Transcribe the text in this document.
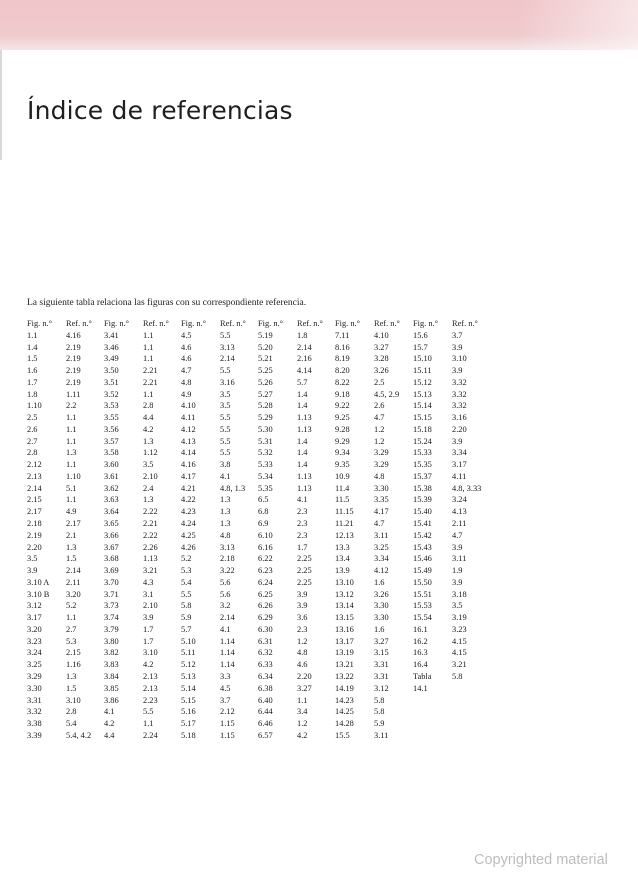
Índice de referencias

La siguiente tabla relaciona las figuras con su correspondiente referencia.

Fig. n.°	Ref. n.°	Fig. n.°	Ref. n.°	Fig. n.°	Ref. n.°	Fig. n.°	Ref. n.°	Fig. n.°	Ref. n.°	Fig. n.°	Ref. n.°
1.1	4.16	3.41	1.1	4.5	5.5	5.19	1.8	7.11	4.10	15.6	3.7
1.4	2.19	3.46	1.1	4.6	3.13	5.20	2.14	8.16	3.27	15.7	3.9
1.5	2.19	3.49	1.1	4.6	2.14	5.21	2.16	8.19	3.28	15.10	3.10
1.6	2.19	3.50	2.21	4.7	5.5	5.25	4.14	8.20	3.26	15.11	3.9
1.7	2.19	3.51	2.21	4.8	3.16	5.26	5.7	8.22	2.5	15.12	3.32
1.8	1.11	3.52	1.1	4.9	3.5	5.27	1.4	9.18	4.5, 2.9	15.13	3.32
1.10	2.2	3.53	2.8	4.10	3.5	5.28	1.4	9.22	2.6	15.14	3.32
2.5	1.1	3.55	4.4	4.11	5.5	5.29	1.13	9.25	4.7	15.15	3.16
2.6	1.1	3.56	4.2	4.12	5.5	5.30	1.13	9.28	1.2	15.18	2.20
2.7	1.1	3.57	1.3	4.13	5.5	5.31	1.4	9.29	1.2	15.24	3.9
2.8	1.3	3.58	1.12	4.14	5.5	5.32	1.4	9.34	3.29	15.33	3.34
2.12	1.1	3.60	3.5	4.16	3.8	5.33	1.4	9.35	3.29	15.35	3.17
2.13	1.10	3.61	2.10	4.17	4.1	5.34	1.13	10.9	4.8	15.37	4.11
2.14	5.1	3.62	2.4	4.21	4.8, 1.3	5.35	1.13	11.4	3.30	15.38	4.8, 3.33
2.15	1.1	3.63	1.3	4.22	1.3	6.5	4.1	11.5	3.35	15.39	3.24
2.17	4.9	3.64	2.22	4.23	1.3	6.8	2.3	11.15	4.17	15.40	4.13
2.18	2.17	3.65	2.21	4.24	1.3	6.9	2.3	11.21	4.7	15.41	2.11
2.19	2.1	3.66	2.22	4.25	4.8	6.10	2.3	12.13	3.11	15.42	4.7
2.20	1.3	3.67	2.26	4.26	3.13	6.16	1.7	13.3	3.25	15.43	3.9
3.5	1.5	3.68	1.13	5.2	2.18	6.22	2.25	13.4	3.34	15.46	3.11
3.9	2.14	3.69	3.21	5.3	3.22	6.23	2.25	13.9	4.12	15.49	1.9
3.10 A	2.11	3.70	4.3	5.4	5.6	6.24	2.25	13.10	1.6	15.50	3.9
3.10 B	3.20	3.71	3.1	5.5	5.6	6.25	3.9	13.12	3.26	15.51	3.18
3.12	5.2	3.73	2.10	5.8	3.2	6.26	3.9	13.14	3.30	15.53	3.5
3.17	1.1	3.74	3.9	5.9	2.14	6.29	3.6	13.15	3.30	15.54	3.19
3.20	2.7	3.79	1.7	5.7	4.1	6.30	2.3	13.16	1.6	16.1	3.23
3.23	5.3	3.80	1.7	5.10	1.14	6.31	1.2	13.17	3.27	16.2	4.15
3.24	2.15	3.82	3.10	5.11	1.14	6.32	4.8	13.19	3.15	16.3	4.15
3.25	1.16	3.83	4.2	5.12	1.14	6.33	4.6	13.21	3.31	16.4	3.21
3.29	1.3	3.84	2.13	5.13	3.3	6.34	2.20	13.22	3.31	Tabla	5.8
3.30	1.5	3.85	2.13	5.14	4.5	6.38	3.27	14.19	3.12	14.1
3.31	3.10	3.86	2.23	5.15	3.7	6.40	1.1	14.23	5.8
3.32	2.8	4.1	5.5	5.16	2.12	6.44	3.4	14.25	5.8
3.38	5.4	4.2	1.1	5.17	1.15	6.46	1.2	14.28	5.9
3.39	5.4, 4.2	4.4	2.24	5.18	1.15	6.57	4.2	15.5	3.11

Copyrighted material
